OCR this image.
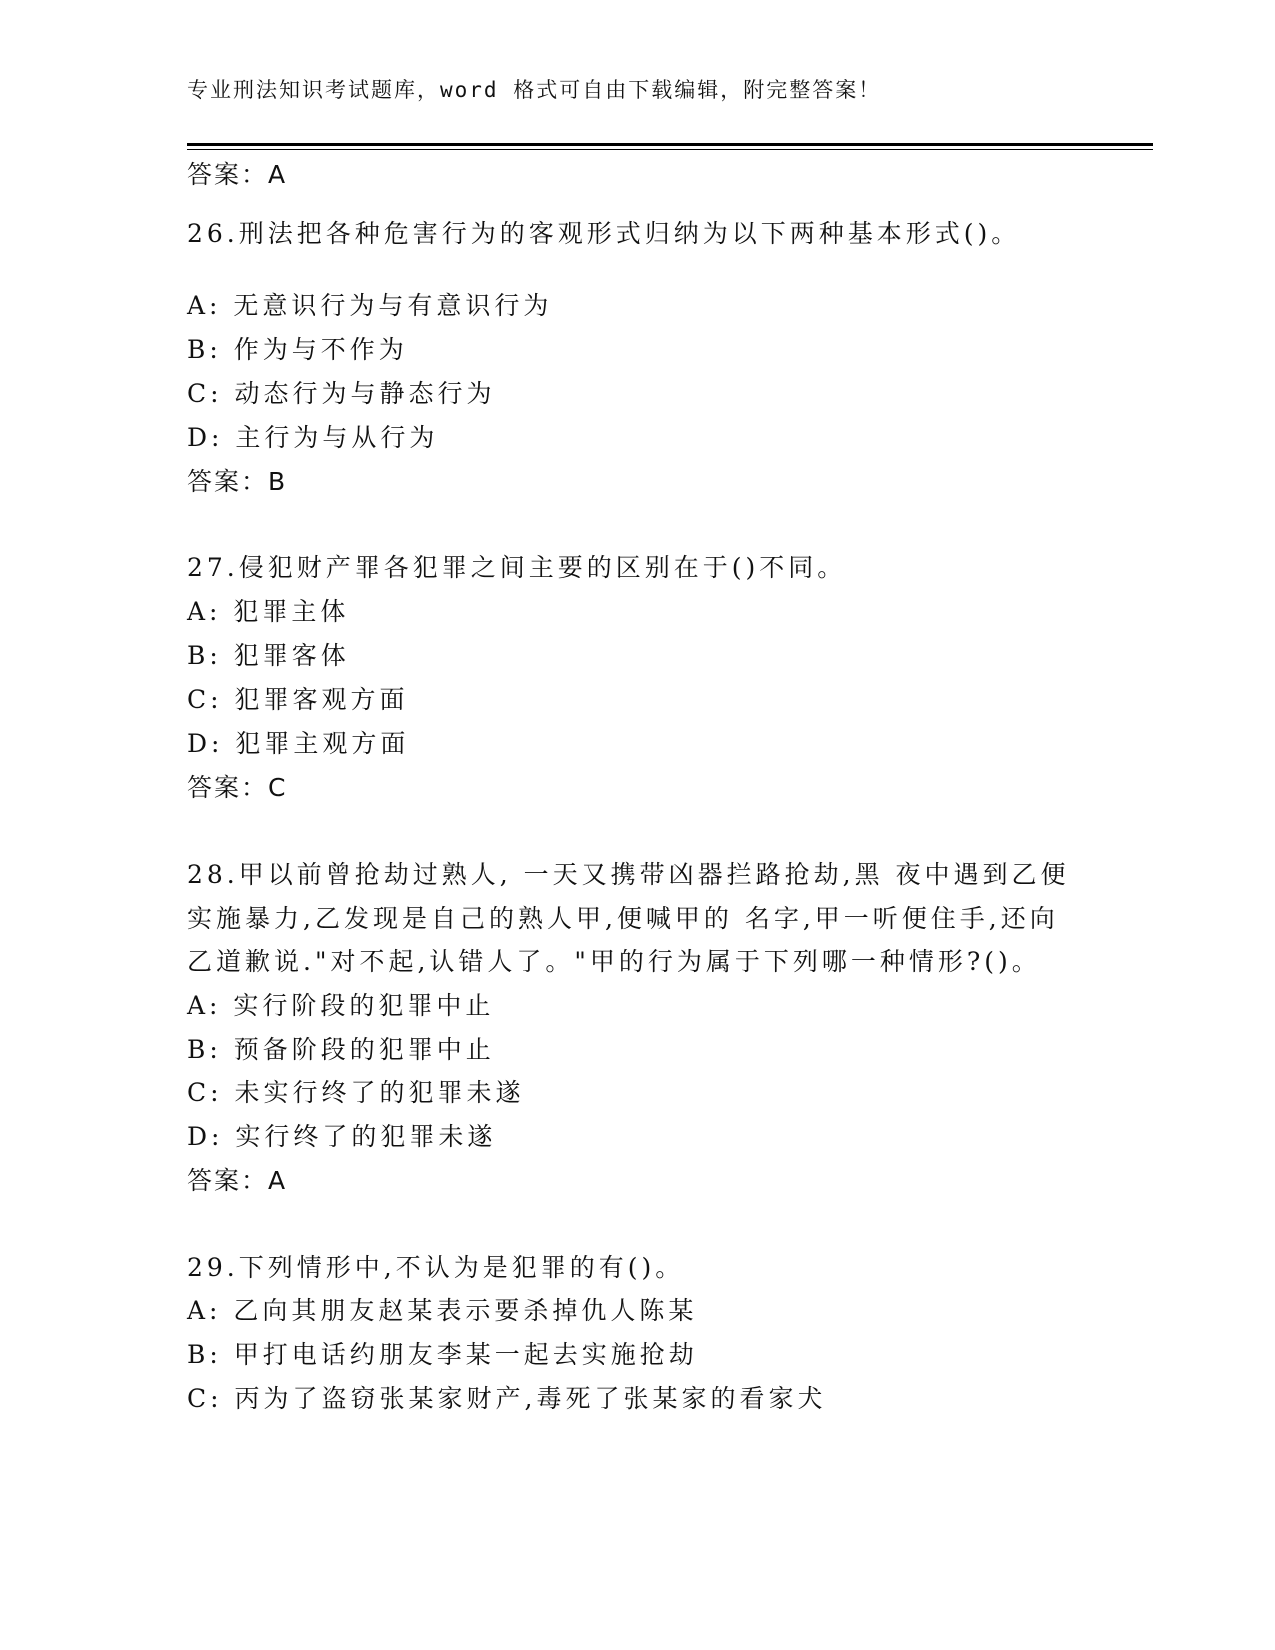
专业刑法知识考试题库，word 格式可自由下载编辑，附完整答案！
答案：A
26.刑法把各种危害行为的客观形式归纳为以下两种基本形式()。
A: 无意识行为与有意识行为
B: 作为与不作为
C: 动态行为与静态行为
D: 主行为与从行为
答案：B
27.侵犯财产罪各犯罪之间主要的区别在于()不同。
A: 犯罪主体
B: 犯罪客体
C: 犯罪客观方面
D: 犯罪主观方面
答案：C
28.甲以前曾抢劫过熟人, 一天又携带凶器拦路抢劫,黑 夜中遇到乙便
实施暴力,乙发现是自己的熟人甲,便喊甲的 名字,甲一听便住手,还向
乙道歉说."对不起,认错人了。"甲的行为属于下列哪一种情形?()。
A: 实行阶段的犯罪中止
B: 预备阶段的犯罪中止
C: 未实行终了的犯罪未遂
D: 实行终了的犯罪未遂
答案：A
29.下列情形中,不认为是犯罪的有()。
A: 乙向其朋友赵某表示要杀掉仇人陈某
B: 甲打电话约朋友李某一起去实施抢劫
C: 丙为了盗窃张某家财产,毒死了张某家的看家犬
